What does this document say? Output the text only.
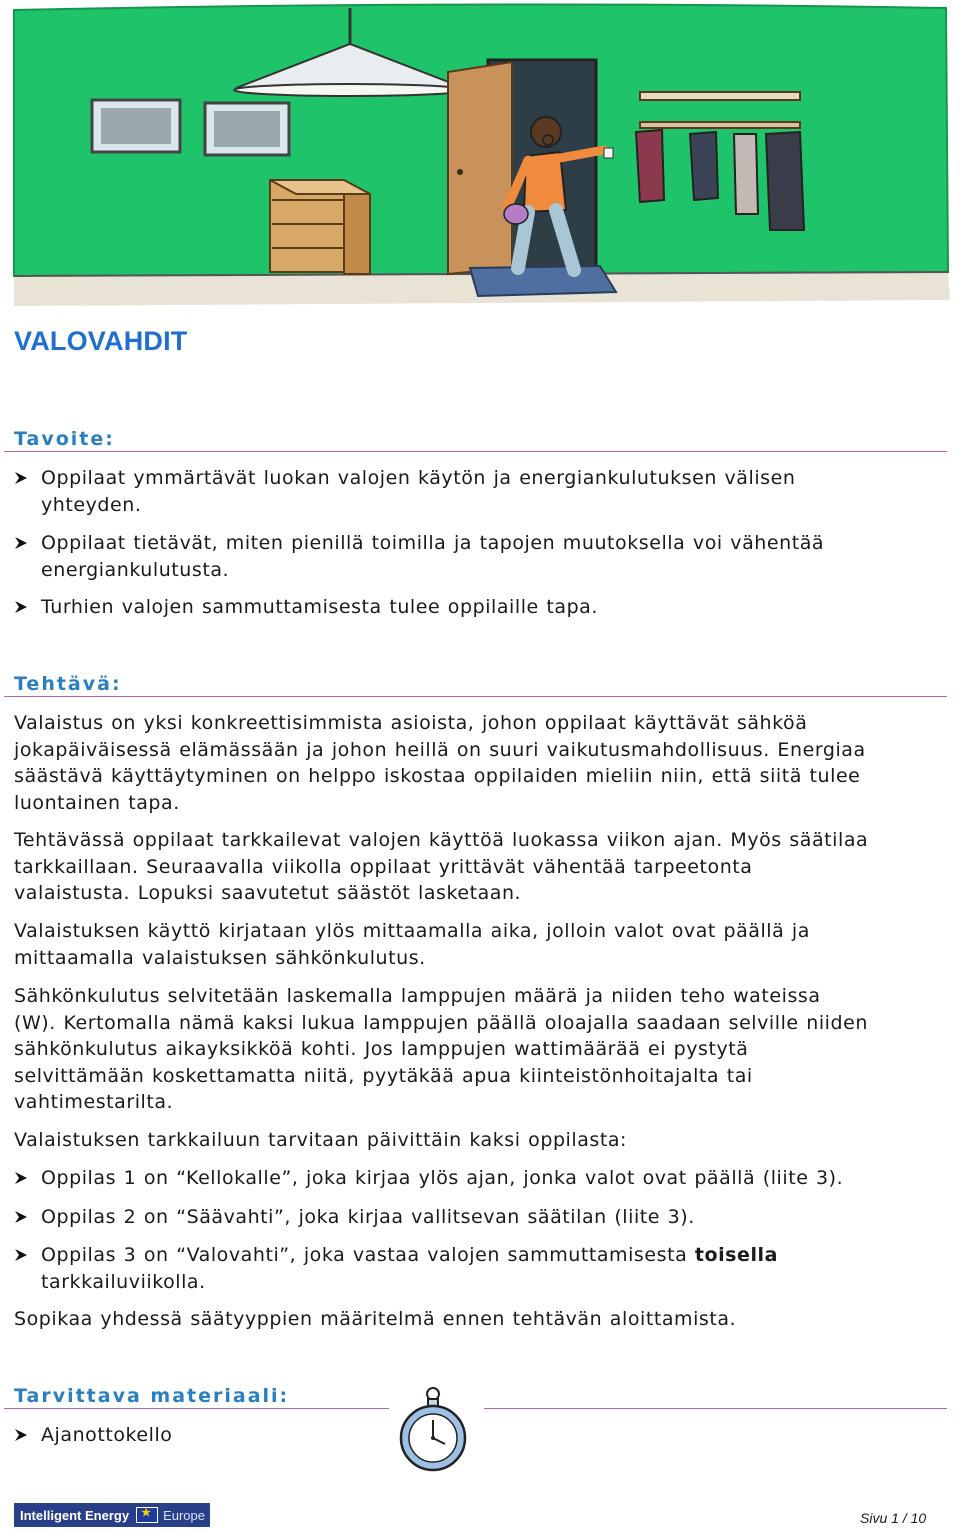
VALOVAHDIT
Tavoite:

Oppilaat ymmärtävät luokan valojen käytön ja energiankulutuksen välisen
yhteyden.

Oppilaat tietävät, miten pienillä toimilla ja tapojen muutoksella voi vähentää
energiankulutusta.

Turhien valojen sammuttamisesta tulee oppilaille tapa.

Tehtävä:

Valaistus on yksi konkreettisimmista asioista, johon oppilaat käyttävät sähköä
jokapäiväisessä elämässään ja johon heillä on suuri vaikutusmahdollisuus. Energiaa
säästävä käyttäytyminen on helppo iskostaa oppilaiden mieliin niin, että siitä tulee
luontainen tapa.

Tehtävässä oppilaat tarkkailevat valojen käyttöä luokassa viikon ajan. Myös säätilaa
tarkkaillaan. Seuraavalla viikolla oppilaat yrittävät vähentää tarpeetonta
valaistusta. Lopuksi saavutetut säästöt lasketaan.

Valaistuksen käyttö kirjataan ylös mittaamalla aika, jolloin valot ovat päällä ja
mittaamalla valaistuksen sähkönkulutus.

Sähkönkulutus selvitetään laskemalla lamppujen määrä ja niiden teho wateissa
(W). Kertomalla nämä kaksi lukua lamppujen päällä oloajalla saadaan selville niiden
sähkönkulutus aikayksikköä kohti. Jos lamppujen wattimäärää ei pystytä
selvittämään koskettamatta niitä, pyytäkää apua kiinteistönhoitajalta tai
vahtimestarilta.

Valaistuksen tarkkailuun tarvitaan päivittäin kaksi oppilasta:

Oppilas 1 on “Kellokalle”, joka kirjaa ylös ajan, jonka valot ovat päällä (liite 3).

Oppilas 2 on “Säävahti”, joka kirjaa vallitsevan säätilan (liite 3).

Oppilas 3 on “Valovahti”, joka vastaa valojen sammuttamisesta toisella
tarkkailuviikolla.

Sopikaa yhdessä säätyyppien määritelmä ennen tehtävän aloittamista.

Tarvittava materiaali:

Ajanottokello

Intelligent Energy
★	Europe	Sivu 1 / 10
